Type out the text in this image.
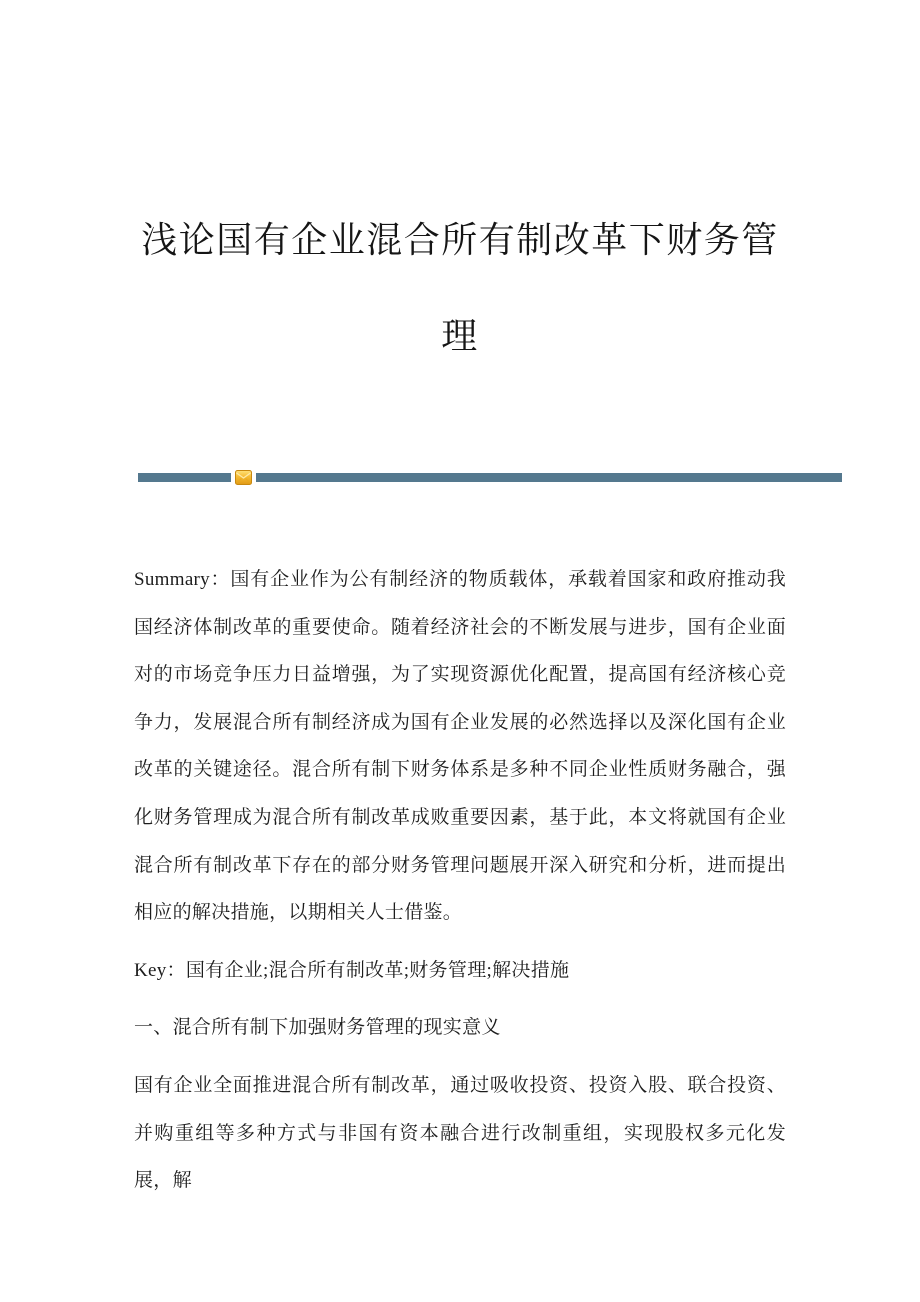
浅论国有企业混合所有制改革下财务管理

Summary：国有企业作为公有制经济的物质载体，承载着国家和政府推动我国经济体制改革的重要使命。随着经济社会的不断发展与进步，国有企业面对的市场竞争压力日益增强，为了实现资源优化配置，提高国有经济核心竞争力，发展混合所有制经济成为国有企业发展的必然选择以及深化国有企业改革的关键途径。混合所有制下财务体系是多种不同企业性质财务融合，强化财务管理成为混合所有制改革成败重要因素，基于此，本文将就国有企业混合所有制改革下存在的部分财务管理问题展开深入研究和分析，进而提出相应的解决措施，以期相关人士借鉴。

Key：国有企业;混合所有制改革;财务管理;解决措施

一、混合所有制下加强财务管理的现实意义

国有企业全面推进混合所有制改革，通过吸收投资、投资入股、联合投资、并购重组等多种方式与非国有资本融合进行改制重组，实现股权多元化发展，解
